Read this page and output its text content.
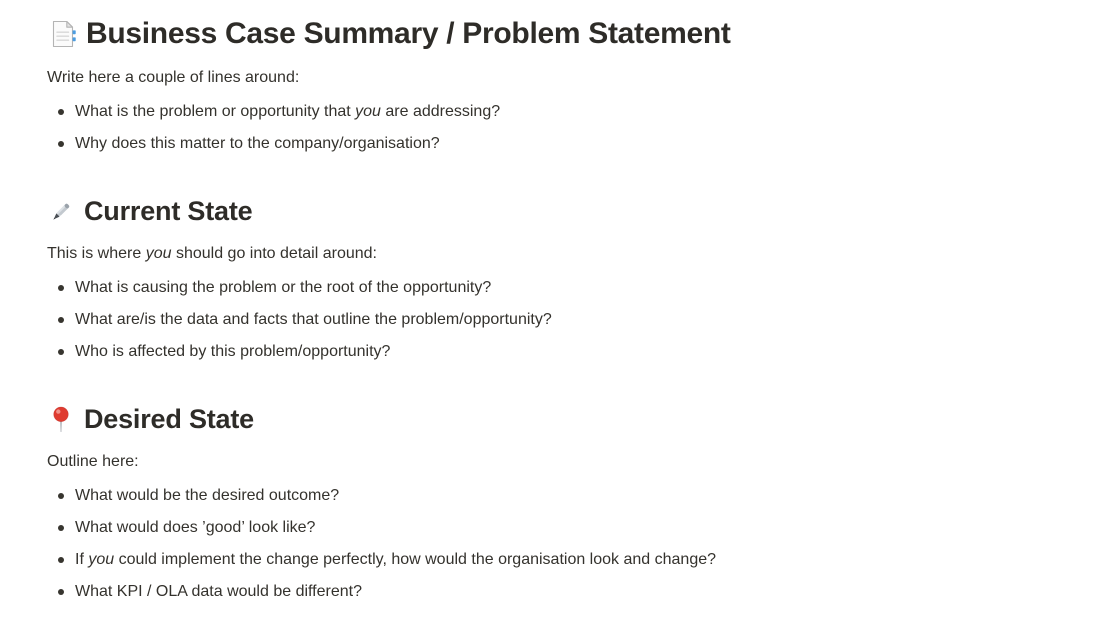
Business Case Summary / Problem Statement

Write here a couple of lines around:

What is the problem or opportunity that you are addressing?
Why does this matter to the company/organisation?
Current State

This is where you should go into detail around:

What is causing the problem or the root of the opportunity?
What are/is the data and facts that outline the problem/opportunity?
Who is affected by this problem/opportunity?
Desired State

Outline here:

What would be the desired outcome?
What would does ’good’ look like?
If you could implement the change perfectly, how would the organisation look and change?
What KPI / OLA data would be different?
